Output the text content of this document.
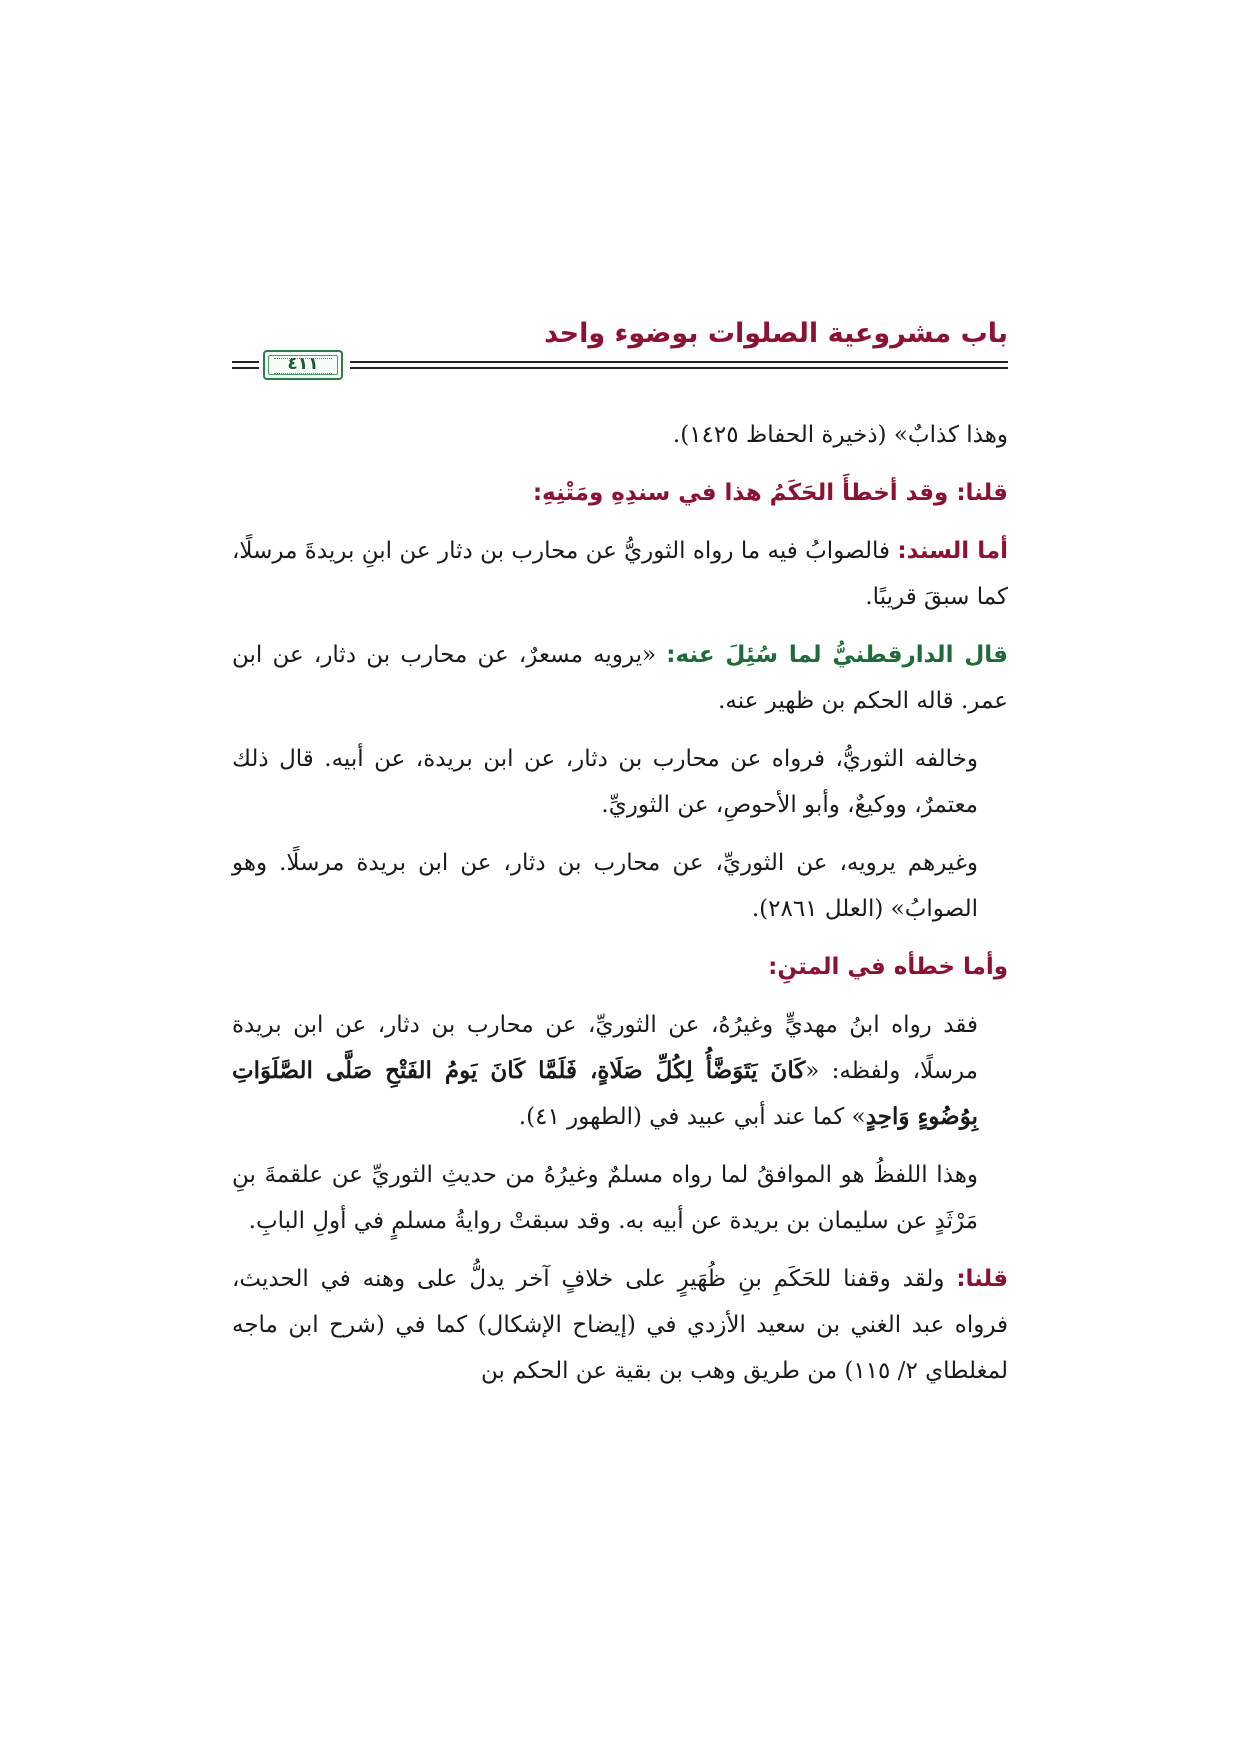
باب مشروعية الصلوات بوضوء واحد
٤١١

وهذا كذابٌ» (ذخيرة الحفاظ ١٤٢٥).

قلنا: وقد أخطأَ الحَكَمُ هذا في سندِهِ ومَتْنِهِ:

أما السند: فالصوابُ فيه ما رواه الثوريُّ عن محارب بن دثار عن ابنِ بريدةَ مرسلًا، كما سبقَ قريبًا.

قال الدارقطنيُّ لما سُئِلَ عنه: «يرويه مسعرٌ، عن محارب بن دثار، عن ابن عمر. قاله الحكم بن ظهير عنه.

وخالفه الثوريُّ، فرواه عن محارب بن دثار، عن ابن بريدة، عن أبيه. قال ذلك معتمرٌ، ووكيعٌ، وأبو الأحوصِ، عن الثوريِّ.

وغيرهم يرويه، عن الثوريِّ، عن محارب بن دثار، عن ابن بريدة مرسلًا. وهو الصوابُ» (العلل ٢٨٦١).

وأما خطأه في المتنِ:

فقد رواه ابنُ مهديٍّ وغيرُهُ، عن الثوريِّ، عن محارب بن دثار، عن ابن بريدة مرسلًا، ولفظه: «كَانَ يَتَوَضَّأُ لِكُلِّ صَلَاةٍ، فَلَمَّا كَانَ يَومُ الفَتْحِ صَلَّى الصَّلَوَاتِ بِوُضُوءٍ وَاحِدٍ» كما عند أبي عبيد في (الطهور ٤١).

وهذا اللفظُ هو الموافقُ لما رواه مسلمٌ وغيرُهُ من حديثِ الثوريِّ عن علقمةَ بنِ مَرْثَدٍ عن سليمان بن بريدة عن أبيه به. وقد سبقتْ روايةُ مسلمٍ في أولِ البابِ.

قلنا: ولقد وقفنا للحَكَمِ بنِ ظُهَيرٍ على خلافٍ آخر يدلُّ على وهنه في الحديث، فرواه عبد الغني بن سعيد الأزدي في (إيضاح الإشكال) كما في (شرح ابن ماجه لمغلطاي ٢/ ١١٥) من طريق وهب بن بقية عن الحكم بن
